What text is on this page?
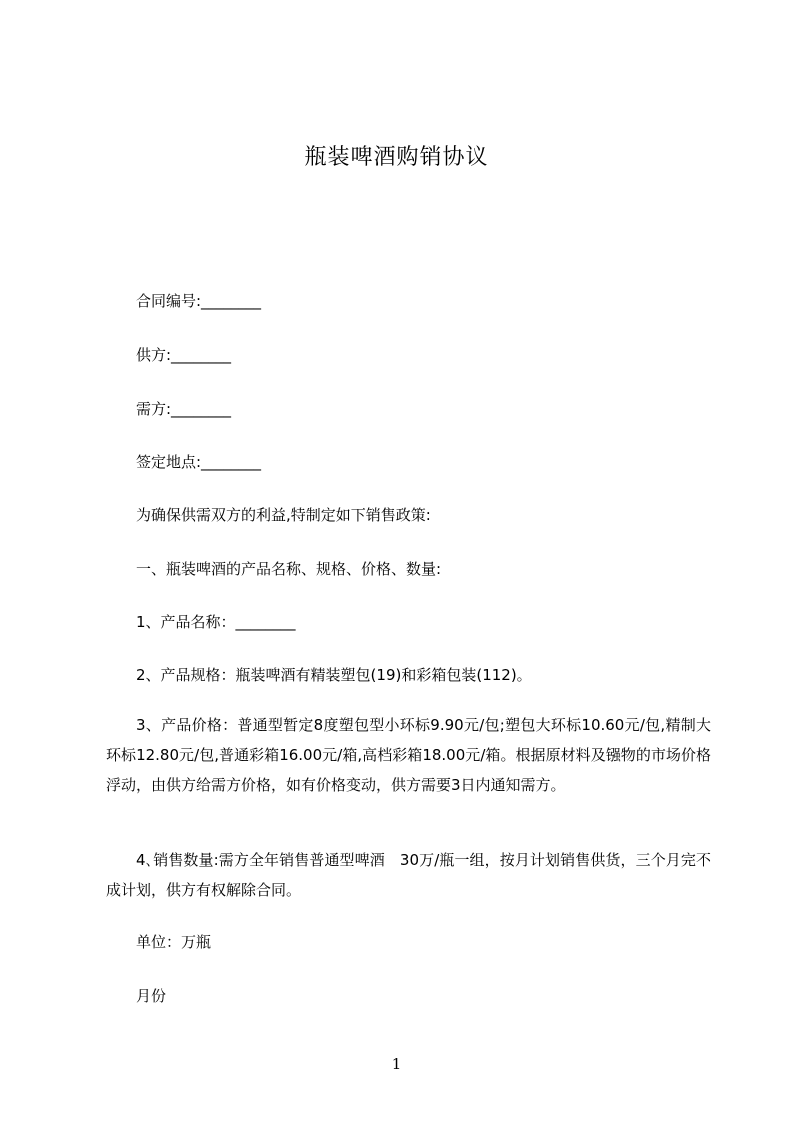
瓶装啤酒购销协议
合同编号:________
供方:________
需方:________
签定地点:________
为确保供需双方的利益,特制定如下销售政策:
一、瓶装啤酒的产品名称、规格、价格、数量:
1、产品名称：________
2、产品规格：瓶装啤酒有精装塑包(19)和彩箱包装(112)。
3、产品价格：普通型暂定8度塑包型小环标9.90元/包;塑包大环标10.60元/包,精制大环标12.80元/包,普通彩箱16.00元/箱,高档彩箱18.00元/箱。根据原材料及镪物的市场价格浮动，由供方给需方价格，如有价格变动，供方需要3日内通知需方。
4､销售数量:需方全年销售普通型啤酒　30万/瓶一组，按月计划销售供货，三个月完不成计划，供方有权解除合同。
单位：万瓶
月份
1
